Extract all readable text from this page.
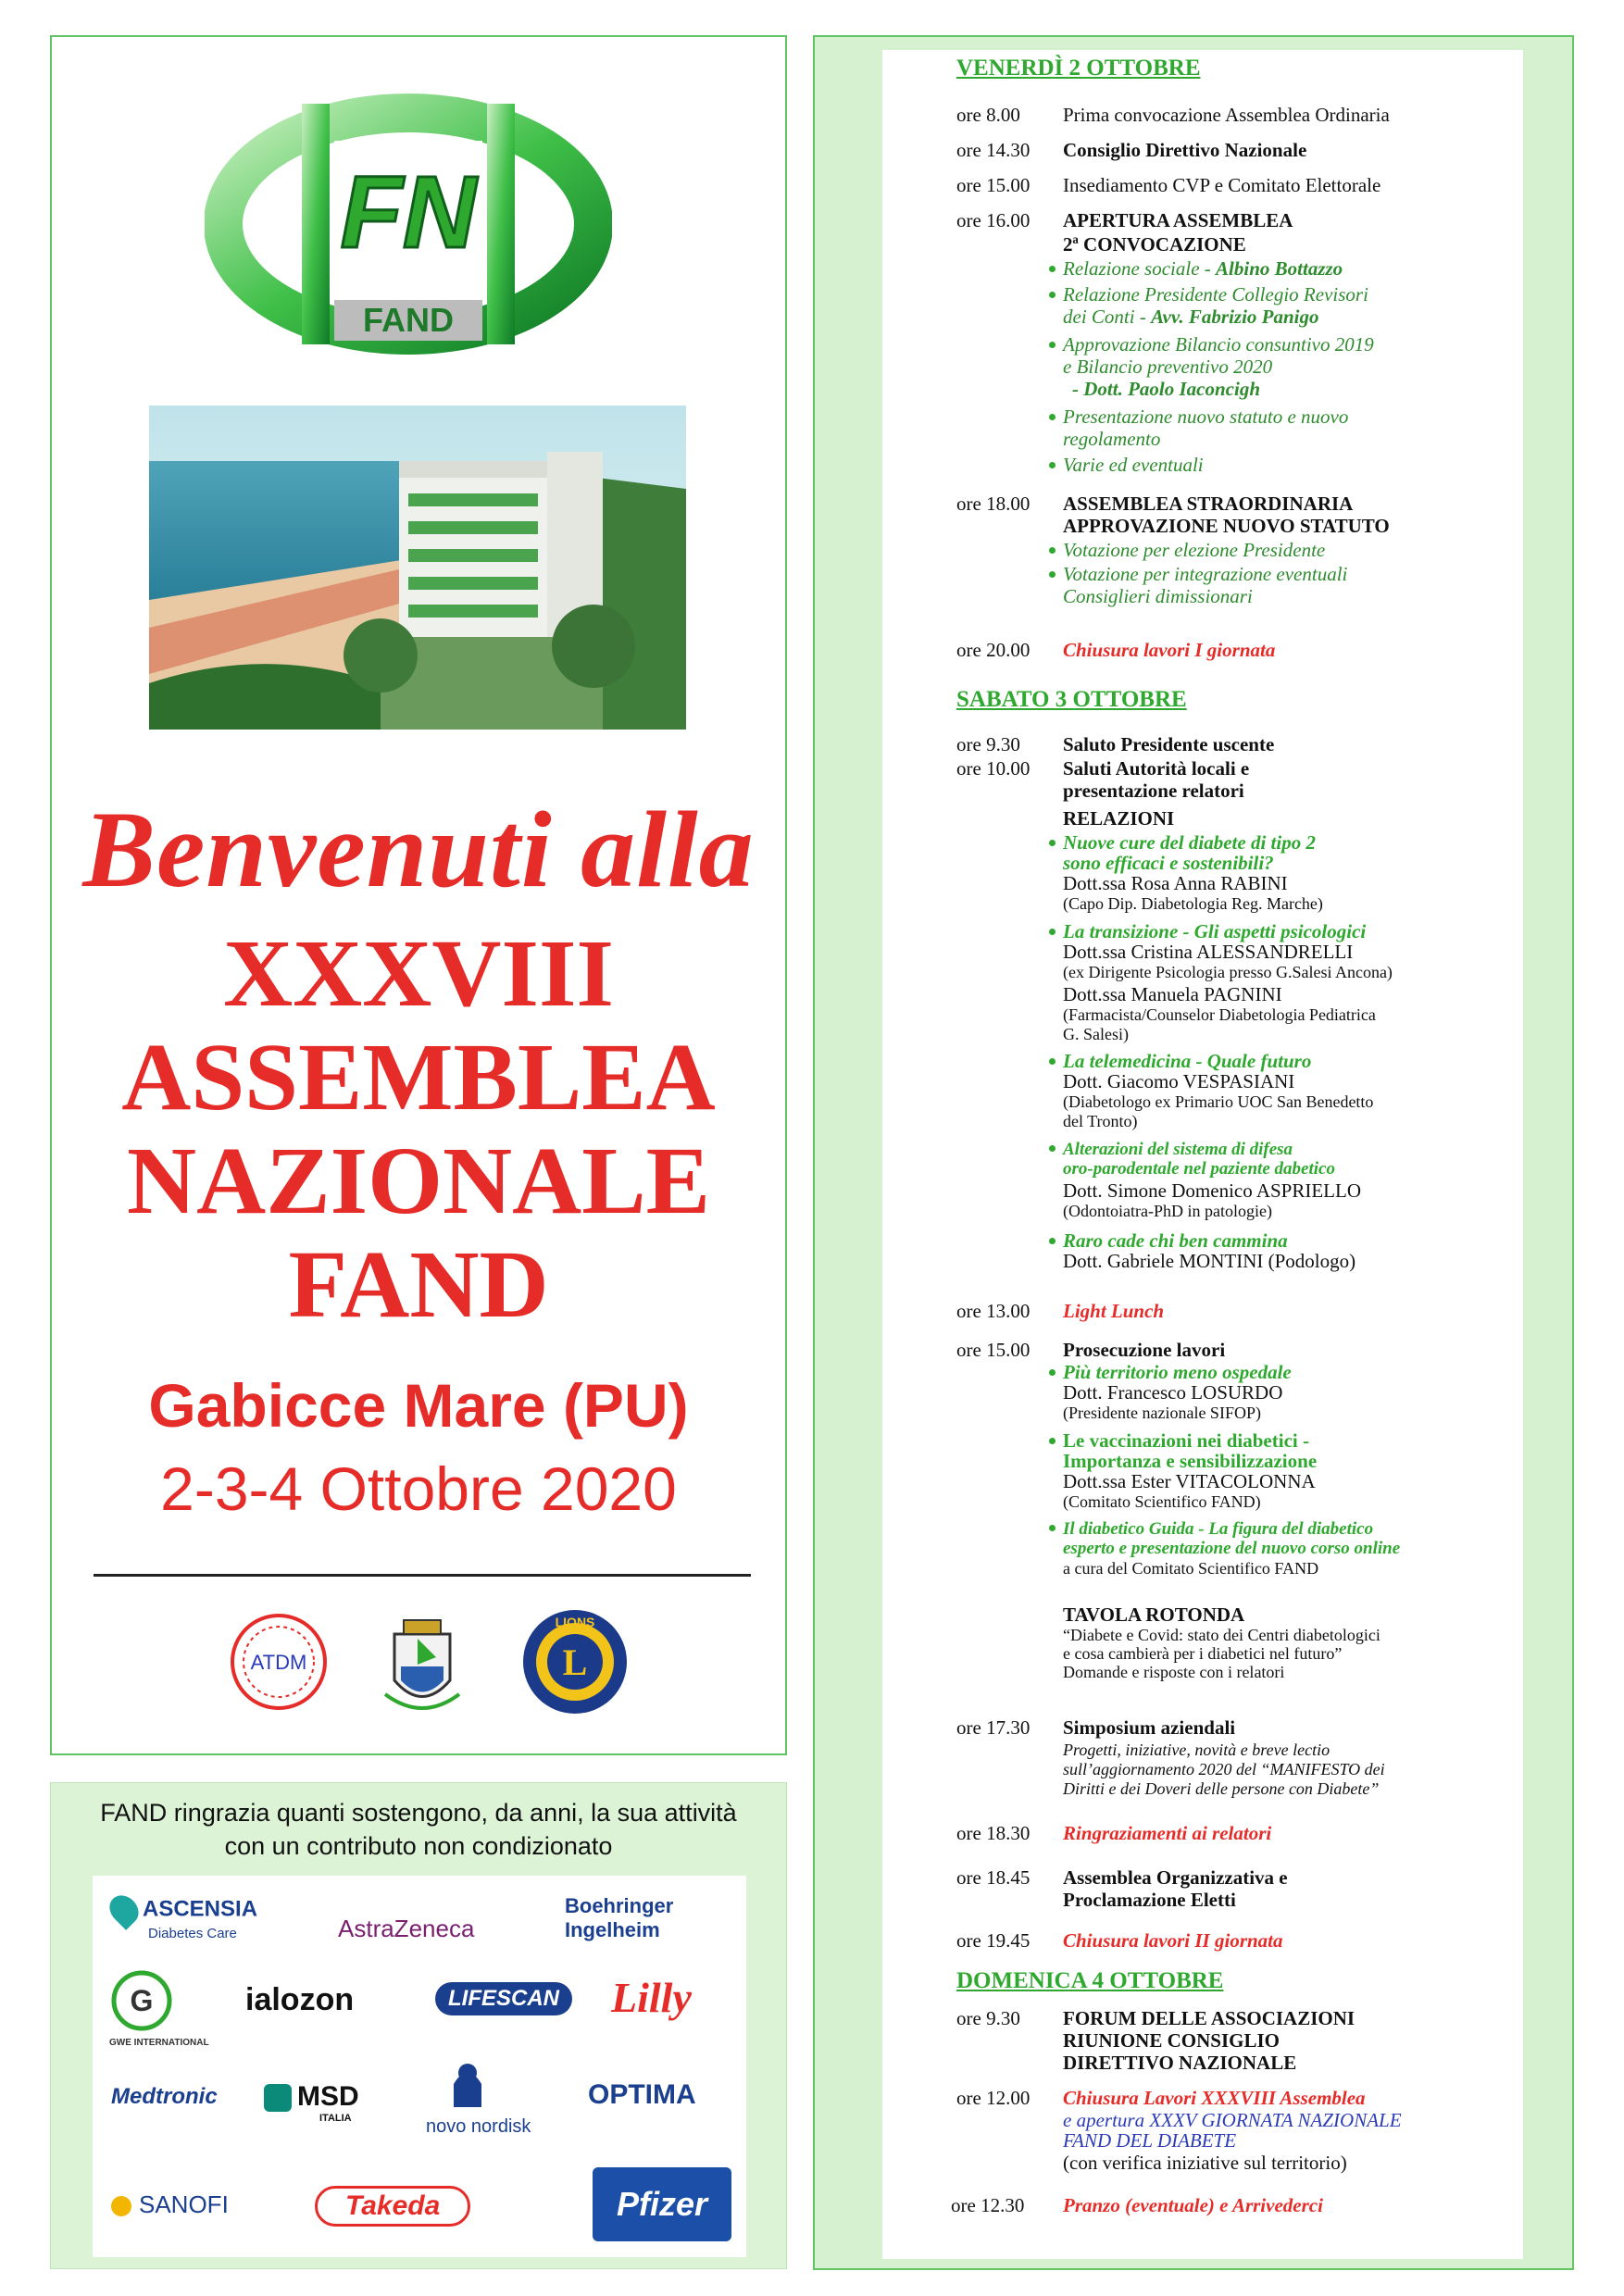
FN
FAND
Benvenuti alla
XXXVIII
ASSEMBLEA
NAZIONALE
FAND
Gabicce Mare (PU)
2-3-4 Ottobre 2020
ATDM	L
LIONS
FAND ringrazia quanti sostengono, da anni, la sua attività
con un contributo non condizionato
ASCENSIA
Diabetes Care	AstraZeneca
Boehringer
Ingelheim
G
GWE INTERNATIONAL
ialozon	LIFESCAN	Lilly
Medtronic	MSD
ITALIA	novo nordisk
OPTIMA
SANOFI	Takeda	Pfizer
VENERDÌ 2 OTTOBRE
ore 8.00 Prima convocazione Assemblea Ordinaria
ore 14.30 Consiglio Direttivo Nazionale
ore 15.00 Insediamento CVP e Comitato Elettorale
ore 16.00 APERTURA ASSEMBLEA
2ª CONVOCAZIONE
Relazione sociale - Albino Bottazzo
Relazione Presidente Collegio Revisori
dei Conti - Avv. Fabrizio Panigo
Approvazione Bilancio consuntivo 2019
e Bilancio preventivo 2020
- Dott. Paolo Iaconcigh
Presentazione nuovo statuto e nuovo
regolamento
Varie ed eventuali
ore 18.00 ASSEMBLEA STRAORDINARIA
APPROVAZIONE NUOVO STATUTO
Votazione per elezione Presidente
Votazione per integrazione eventuali
Consiglieri dimissionari
ore 20.00 Chiusura lavori I giornata
SABATO 3 OTTOBRE
ore 9.30 Saluto Presidente uscente
ore 10.00 Saluti Autorità locali e
presentazione relatori
RELAZIONI
Nuove cure del diabete di tipo 2
sono efficaci e sostenibili?
Dott.ssa Rosa Anna RABINI
(Capo Dip. Diabetologia Reg. Marche)
La transizione - Gli aspetti psicologici
Dott.ssa Cristina ALESSANDRELLI
(ex Dirigente Psicologia presso G.Salesi Ancona)
Dott.ssa Manuela PAGNINI
(Farmacista/Counselor Diabetologia Pediatrica
G. Salesi)
La telemedicina - Quale futuro
Dott. Giacomo VESPASIANI
(Diabetologo ex Primario UOC San Benedetto
del Tronto)
Alterazioni del sistema di difesa
oro-parodentale nel paziente dabetico
Dott. Simone Domenico ASPRIELLO
(Odontoiatra-PhD in patologie)
Raro cade chi ben cammina
Dott. Gabriele MONTINI (Podologo)
ore 13.00 Light Lunch
ore 15.00 Prosecuzione lavori
Più territorio meno ospedale
Dott. Francesco LOSURDO
(Presidente nazionale SIFOP)
Le vaccinazioni nei diabetici -
Importanza e sensibilizzazione
Dott.ssa Ester VITACOLONNA
(Comitato Scientifico FAND)
Il diabetico Guida - La figura del diabetico
esperto e presentazione del nuovo corso online
a cura del Comitato Scientifico FAND
TAVOLA ROTONDA
“Diabete e Covid: stato dei Centri diabetologici
e cosa cambierà per i diabetici nel futuro”
Domande e risposte con i relatori
ore 17.30 Simposium aziendali
Progetti, iniziative, novità e breve lectio
sull’aggiornamento 2020 del “MANIFESTO dei
Diritti e dei Doveri delle persone con Diabete”
ore 18.30 Ringraziamenti ai relatori
ore 18.45 Assemblea Organizzativa e
Proclamazione Eletti
ore 19.45 Chiusura lavori II giornata
DOMENICA 4 OTTOBRE
ore 9.30 FORUM DELLE ASSOCIAZIONI
RIUNIONE CONSIGLIO
DIRETTIVO NAZIONALE
ore 12.00 Chiusura Lavori XXXVIII Assemblea
e apertura XXXV GIORNATA NAZIONALE
FAND DEL DIABETE
(con verifica iniziative sul territorio)
ore 12.30 Pranzo (eventuale) e Arrivederci
